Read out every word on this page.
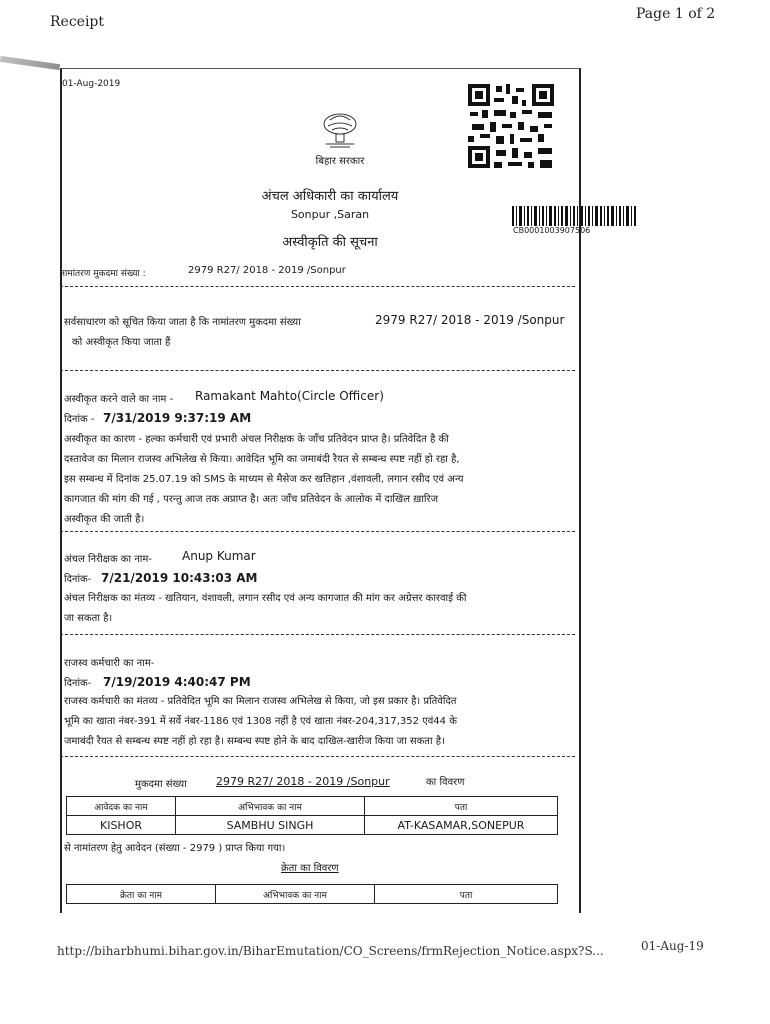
Receipt	Page 1 of 2
01-Aug-2019
बिहार सरकार
CB0001003907506
अंचल अधिकारी का कार्यालय
Sonpur ,Saran
अस्वीकृति की सूचना
नामांतरण मुकदमा संख्या :	2979 R27/ 2018 - 2019 /Sonpur
सर्वसाधारण को सूचित किया जाता है कि नामांतरण मुकदमा संख्या	2979 R27/ 2018 - 2019 /Sonpur
को अस्वीकृत किया जाता हैं
अस्वीकृत करने वाले का नाम - Ramakant Mahto(Circle Officer)
दिनांक - 7/31/2019 9:37:19 AM
अस्वीकृत का कारण - हल्का कर्मचारी एवं प्रभारी अंचल निरीक्षक के जाँच प्रतिवेदन प्राप्त है। प्रतिवेदित है की
दस्तावेज का मिलान राजस्व अभिलेख से किया। आवेदित भूमि का जमाबंदी रैयत से सम्बन्ध स्पष्ट नहीं हो रहा है,
इस सम्बन्ध में दिनांक 25.07.19 को SMS के माध्यम से मैसेज कर खतिहान ,वंशावली, लगान रसीद एवं अन्य
कागजात की मांग की गई , परन्तु आज तक अप्राप्त है। अतः जाँच प्रतिवेदन के आलोक में दाखिल ख़ारिज
अस्वीकृत की जाती है।
अंचल निरीक्षक का नाम-	Anup Kumar
दिनांक- 7/21/2019 10:43:03 AM
अंचल निरीक्षक का मंतव्य - खतियान, वंशावली, लगान रसीद एवं अन्य कागजात की मांग कर अग्रेत्तर कारवाई की
जा सकता है।
राजस्व कर्मचारी का नाम-
दिनांक- 7/19/2019 4:40:47 PM
राजस्व कर्मचारी का मंतव्य - प्रतिवेदित भूमि का मिलान राजस्व अभिलेख से किया, जो इस प्रकार है। प्रतिवेदित
भूमि का खाता नंबर-391 में सर्वे नंबर-1186 एवं 1308 नहीं है एवं खाता नंबर-204,317,352 एवं44 के
जमाबंदी रैयत से सम्बन्ध स्पष्ट नहीं हो रहा है। सम्बन्ध स्पष्ट होने के बाद दाखिल-खारीज किया जा सकता है।
मुकदमा संख्या	2979 R27/ 2018 - 2019 /Sonpur	का विवरण
आवेदक का नाम	अभिभावक का नाम	पता
KISHOR	SAMBHU SINGH	AT-KASAMAR,SONEPUR
से नामांतरण हेतु आवेदन (संख्या - 2979 ) प्राप्त किया गया।
क्रेता का विवरण
क्रेता का नाम	अभिभावक का नाम	पता
http://biharbhumi.bihar.gov.in/BiharEmutation/CO_Screens/frmRejection_Notice.aspx?S...	01-Aug-19
